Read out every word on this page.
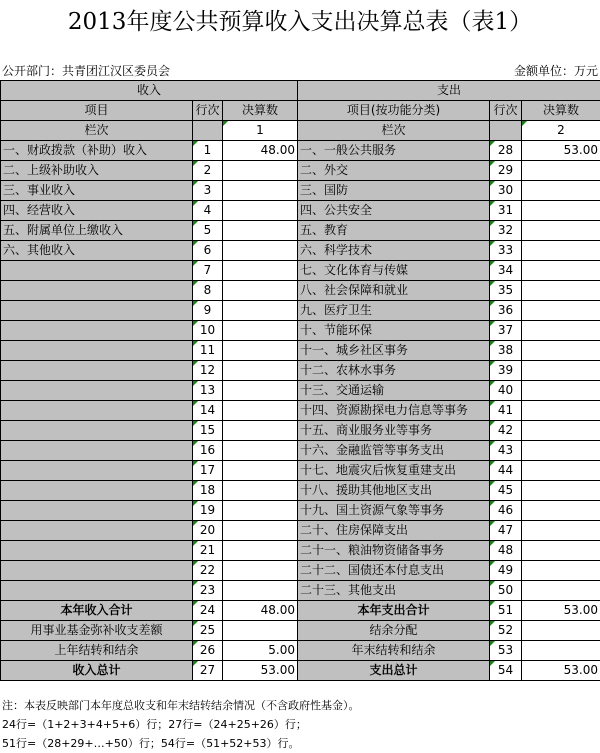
2013年度公共预算收入支出决算总表（表1）
公开部门：共青团江汉区委员会	金额单位：万元
收入			支出		
项目	行次	决算数	项目(按功能分类)	行次	决算数
栏次		1	栏次		2
一、财政拨款（补助）收入	1	48.00	一、一般公共服务	28	53.00
二、上级补助收入	2		二、外交	29	
三、事业收入	3		三、国防	30	
四、经营收入	4		四、公共安全	31	
五、附属单位上缴收入	5		五、教育	32	
六、其他收入	6		六、科学技术	33	
	7		七、文化体育与传媒	34	
	8		八、社会保障和就业	35	
	9		九、医疗卫生	36	
	10		十、节能环保	37	
	11		十一、城乡社区事务	38	
	12		十二、农林水事务	39	
	13		十三、交通运输	40	
	14		十四、资源勘探电力信息等事务	41	
	15		十五、商业服务业等事务	42	
	16		十六、金融监管等事务支出	43	
	17		十七、地震灾后恢复重建支出	44	
	18		十八、援助其他地区支出	45	
	19		十九、国土资源气象等事务	46	
	20		二十、住房保障支出	47	
	21		二十一、粮油物资储备事务	48	
	22		二十二、国债还本付息支出	49	
	23		二十三、其他支出	50	
本年收入合计	24	48.00	本年支出合计	51	53.00
用事业基金弥补收支差额	25		结余分配	52	
上年结转和结余	26	5.00	年末结转和结余	53	
收入总计	27	53.00	支出总计	54	53.00
注：本表反映部门本年度总收支和年末结转结余情况（不含政府性基金）。
24行=（1+2+3+4+5+6）行；27行=（24+25+26）行；
51行=（28+29+…+50）行；54行=（51+52+53）行。
